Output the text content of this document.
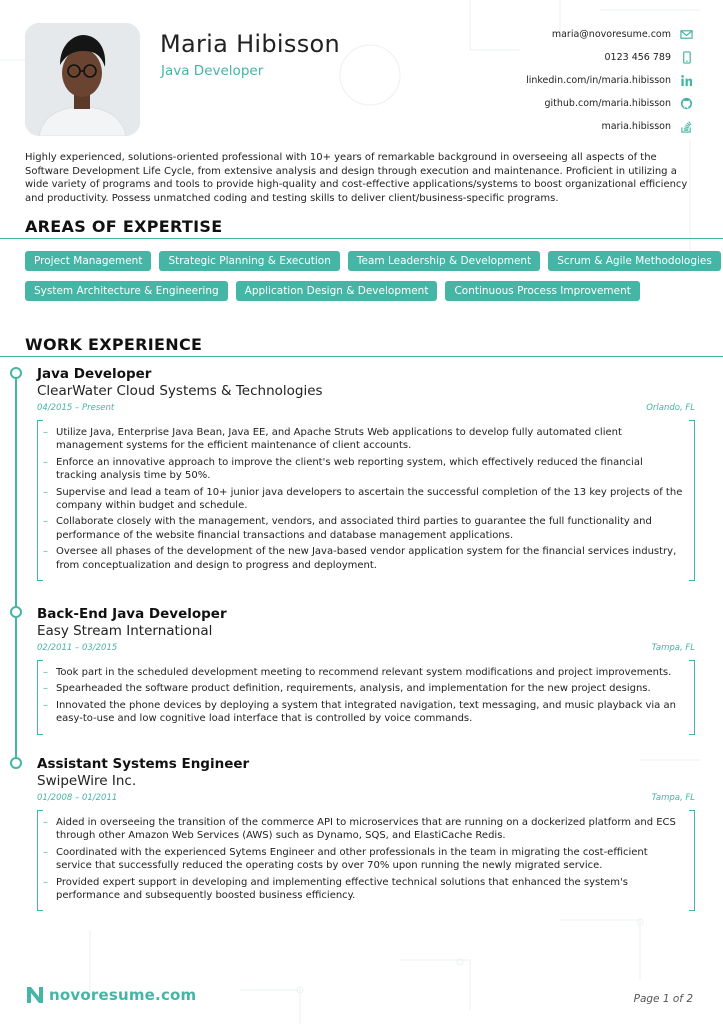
Maria Hibisson
Java Developer
maria@novoresume.com
0123 456 789
linkedin.com/in/maria.hibisson
github.com/maria.hibisson
maria.hibisson
Highly experienced, solutions-oriented professional with 10+ years of remarkable background in overseeing all aspects of the Software Development Life Cycle, from extensive analysis and design through execution and maintenance. Proficient in utilizing a wide variety of programs and tools to provide high-quality and cost-effective applications/systems to boost organizational efficiency and productivity. Possess unmatched coding and testing skills to deliver client/business-specific programs.
AREAS OF EXPERTISE
Project Management	Strategic Planning & Execution	Team Leadership & Development	Scrum & Agile Methodologies
System Architecture & Engineering	Application Design & Development	Continuous Process Improvement
WORK EXPERIENCE
Java Developer
ClearWater Cloud Systems & Technologies
04/2015 – Present	Orlando, FL
– Utilize Java, Enterprise Java Bean, Java EE, and Apache Struts Web applications to develop fully automated client management systems for the efficient maintenance of client accounts.
– Enforce an innovative approach to improve the client's web reporting system, which effectively reduced the financial tracking analysis time by 50%.
– Supervise and lead a team of 10+ junior java developers to ascertain the successful completion of the 13 key projects of the company within budget and schedule.
– Collaborate closely with the management, vendors, and associated third parties to guarantee the full functionality and performance of the website financial transactions and database management applications.
– Oversee all phases of the development of the new Java-based vendor application system for the financial services industry, from conceptualization and design to progress and deployment.
Back-End Java Developer
Easy Stream International
02/2011 – 03/2015	Tampa, FL
– Took part in the scheduled development meeting to recommend relevant system modifications and project improvements.
– Spearheaded the software product definition, requirements, analysis, and implementation for the new project designs.
– Innovated the phone devices by deploying a system that integrated navigation, text messaging, and music playback via an easy-to-use and low cognitive load interface that is controlled by voice commands.
Assistant Systems Engineer
SwipeWire Inc.
01/2008 – 01/2011	Tampa, FL
– Aided in overseeing the transition of the commerce API to microservices that are running on a dockerized platform and ECS through other Amazon Web Services (AWS) such as Dynamo, SQS, and ElastiCache Redis.
– Coordinated with the experienced Sytems Engineer and other professionals in the team in migrating the cost-efficient service that successfully reduced the operating costs by over 70% upon running the newly migrated service.
– Provided expert support in developing and implementing effective technical solutions that enhanced the system's performance and subsequently boosted business efficiency.
novoresume.com	Page 1 of 2
